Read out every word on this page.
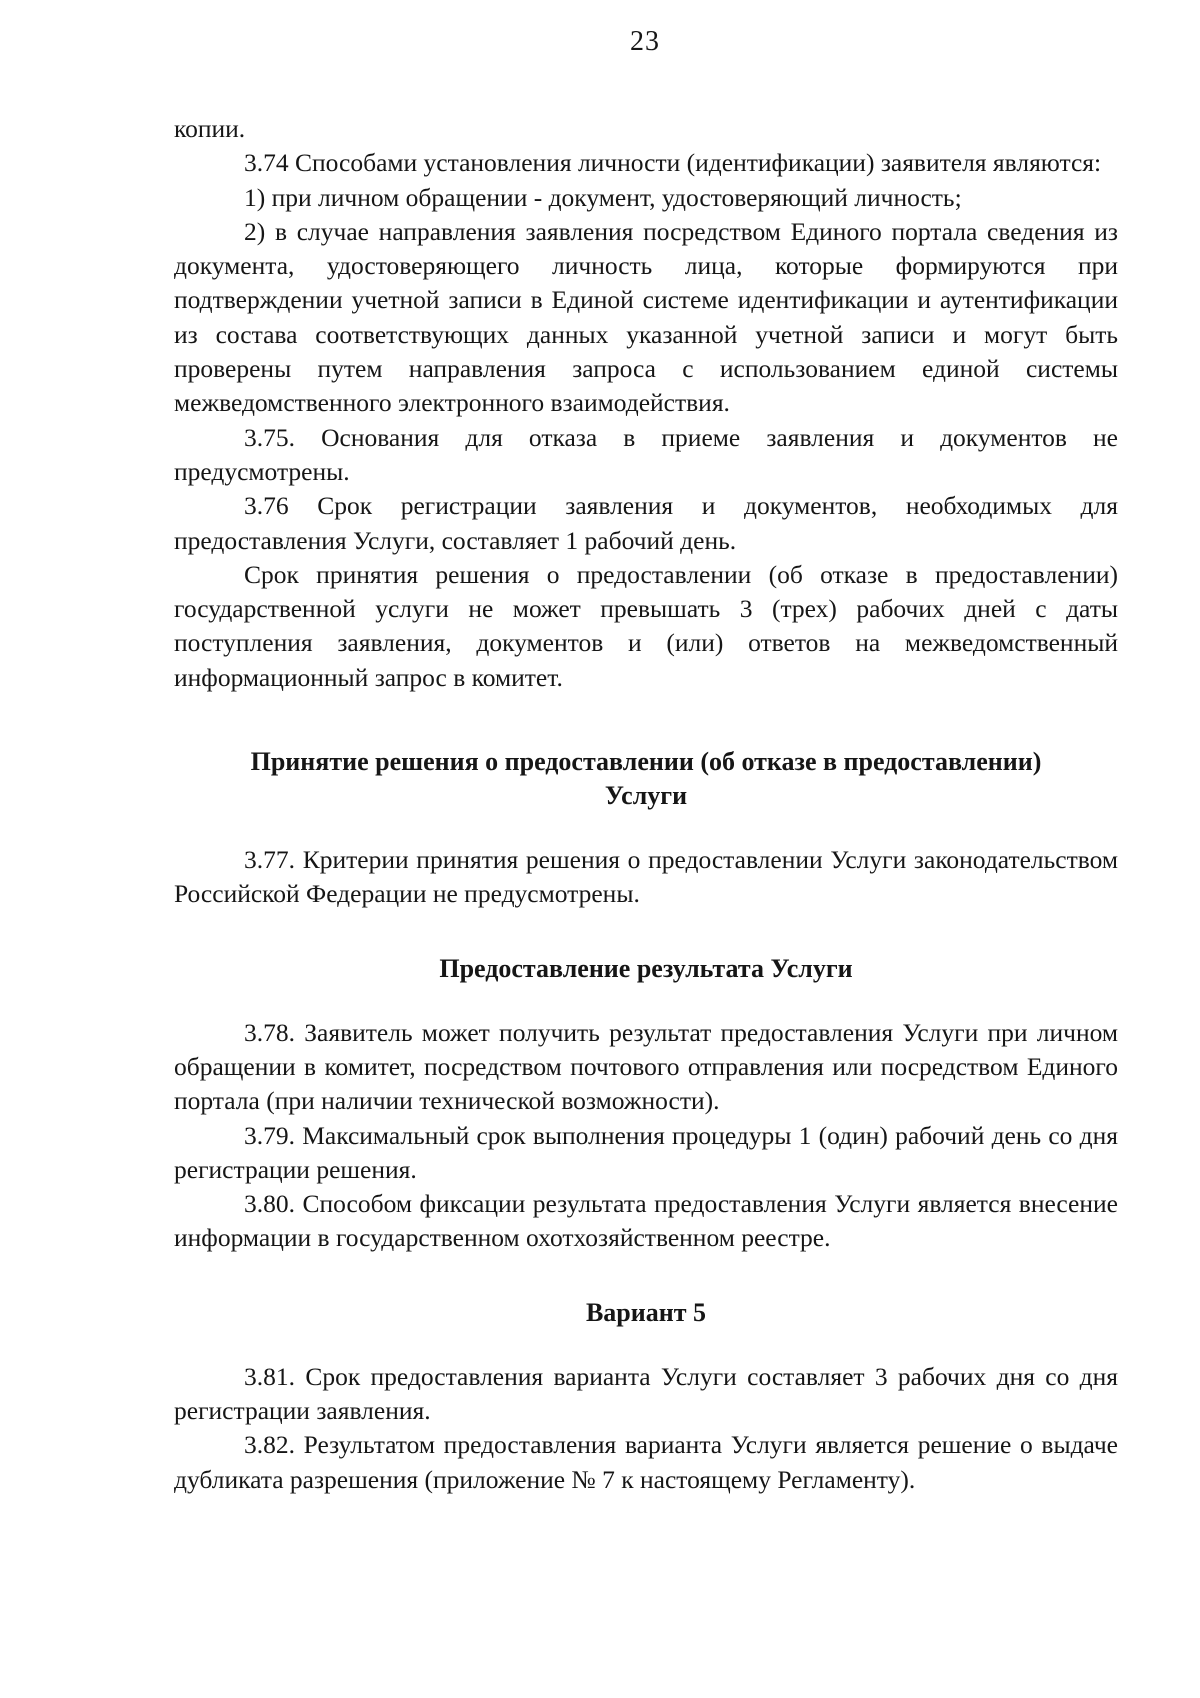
23

копии.

3.74 Способами установления личности (идентификации) заявителя являются:

1) при личном обращении - документ, удостоверяющий личность;

2) в случае направления заявления посредством Единого портала сведения из документа, удостоверяющего личность лица, которые формируются при подтверждении учетной записи в Единой системе идентификации и аутентификации из состава соответствующих данных указанной учетной записи и могут быть проверены путем направления запроса с использованием единой системы межведомственного электронного взаимодействия.

3.75. Основания для отказа в приеме заявления и документов не предусмотрены.

3.76 Срок регистрации заявления и документов, необходимых для предоставления Услуги, составляет 1 рабочий день.

Срок принятия решения о предоставлении (об отказе в предоставлении) государственной услуги не может превышать 3 (трех) рабочих дней с даты поступления заявления, документов и (или) ответов на межведомственный информационный запрос в комитет.

Принятие решения о предоставлении (об отказе в предоставлении)
Услуги

3.77. Критерии принятия решения о предоставлении Услуги законодательством Российской Федерации не предусмотрены.

Предоставление результата Услуги

3.78. Заявитель может получить результат предоставления Услуги при личном обращении в комитет, посредством почтового отправления или посредством Единого портала (при наличии технической возможности).

3.79. Максимальный срок выполнения процедуры 1 (один) рабочий день со дня регистрации решения.

3.80. Способом фиксации результата предоставления Услуги является внесение информации в государственном охотхозяйственном реестре.

Вариант 5

3.81. Срок предоставления варианта Услуги составляет 3 рабочих дня со дня регистрации заявления.

3.82. Результатом предоставления варианта Услуги является решение о выдаче дубликата разрешения (приложение № 7 к настоящему Регламенту).
